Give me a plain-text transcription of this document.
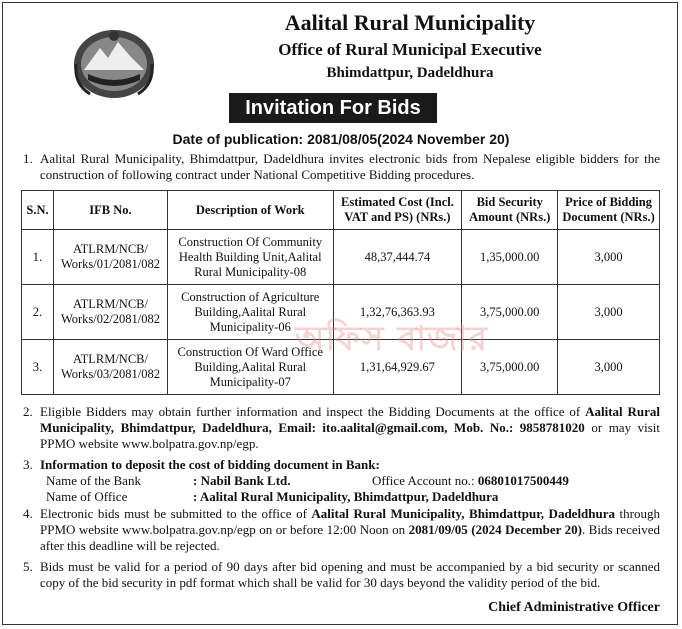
Aalital Rural Municipality
Office of Rural Municipal Executive
Bhimdattpur, Dadeldhura
Invitation For Bids
Date of publication: 2081/08/05(2024 November 20)
1. Aalital Rural Municipality, Bhimdattpur, Dadeldhura invites electronic bids from Nepalese eligible bidders for the construction of following contract under National Competitive Bidding procedures.
S.N.	IFB No.	Description of Work	Estimated Cost (Incl. VAT and PS) (NRs.)	Bid Security Amount (NRs.)	Price of Bidding Document (NRs.)
1.	ATLRM/NCB/ Works/01/2081/082	Construction Of Community Health Building Unit,Aalital Rural Municipality-08	48,37,444.74	1,35,000.00	3,000
2.	ATLRM/NCB/ Works/02/2081/082	Construction of Agriculture Building,Aalital Rural Municipality-06	1,32,76,363.93	3,75,000.00	3,000
3.	ATLRM/NCB/ Works/03/2081/082	Construction Of Ward Office Building,Aalital Rural Municipality-07	1,31,64,929.67	3,75,000.00	3,000
অফিস বাজার
2. Eligible Bidders may obtain further information and inspect the Bidding Documents at the office of Aalital Rural Municipality, Bhimdattpur, Dadeldhura, Email: ito.aalital@gmail.com, Mob. No.: 9858781020 or may visit PPMO website www.bolpatra.gov.np/egp.
3. Information to deposit the cost of bidding document in Bank:
Name of the Bank	: Nabil Bank Ltd.	Office Account no.: 06801017500449
Name of Office	: Aalital Rural Municipality, Bhimdattpur, Dadeldhura
4. Electronic bids must be submitted to the office of Aalital Rural Municipality, Bhimdattpur, Dadeldhura through PPMO website www.bolpatra.gov.np/egp on or before 12:00 Noon on 2081/09/05 (2024 December 20). Bids received after this deadline will be rejected.
5. Bids must be valid for a period of 90 days after bid opening and must be accompanied by a bid security or scanned copy of the bid security in pdf format which shall be valid for 30 days beyond the validity period of the bid.
Chief Administrative Officer
